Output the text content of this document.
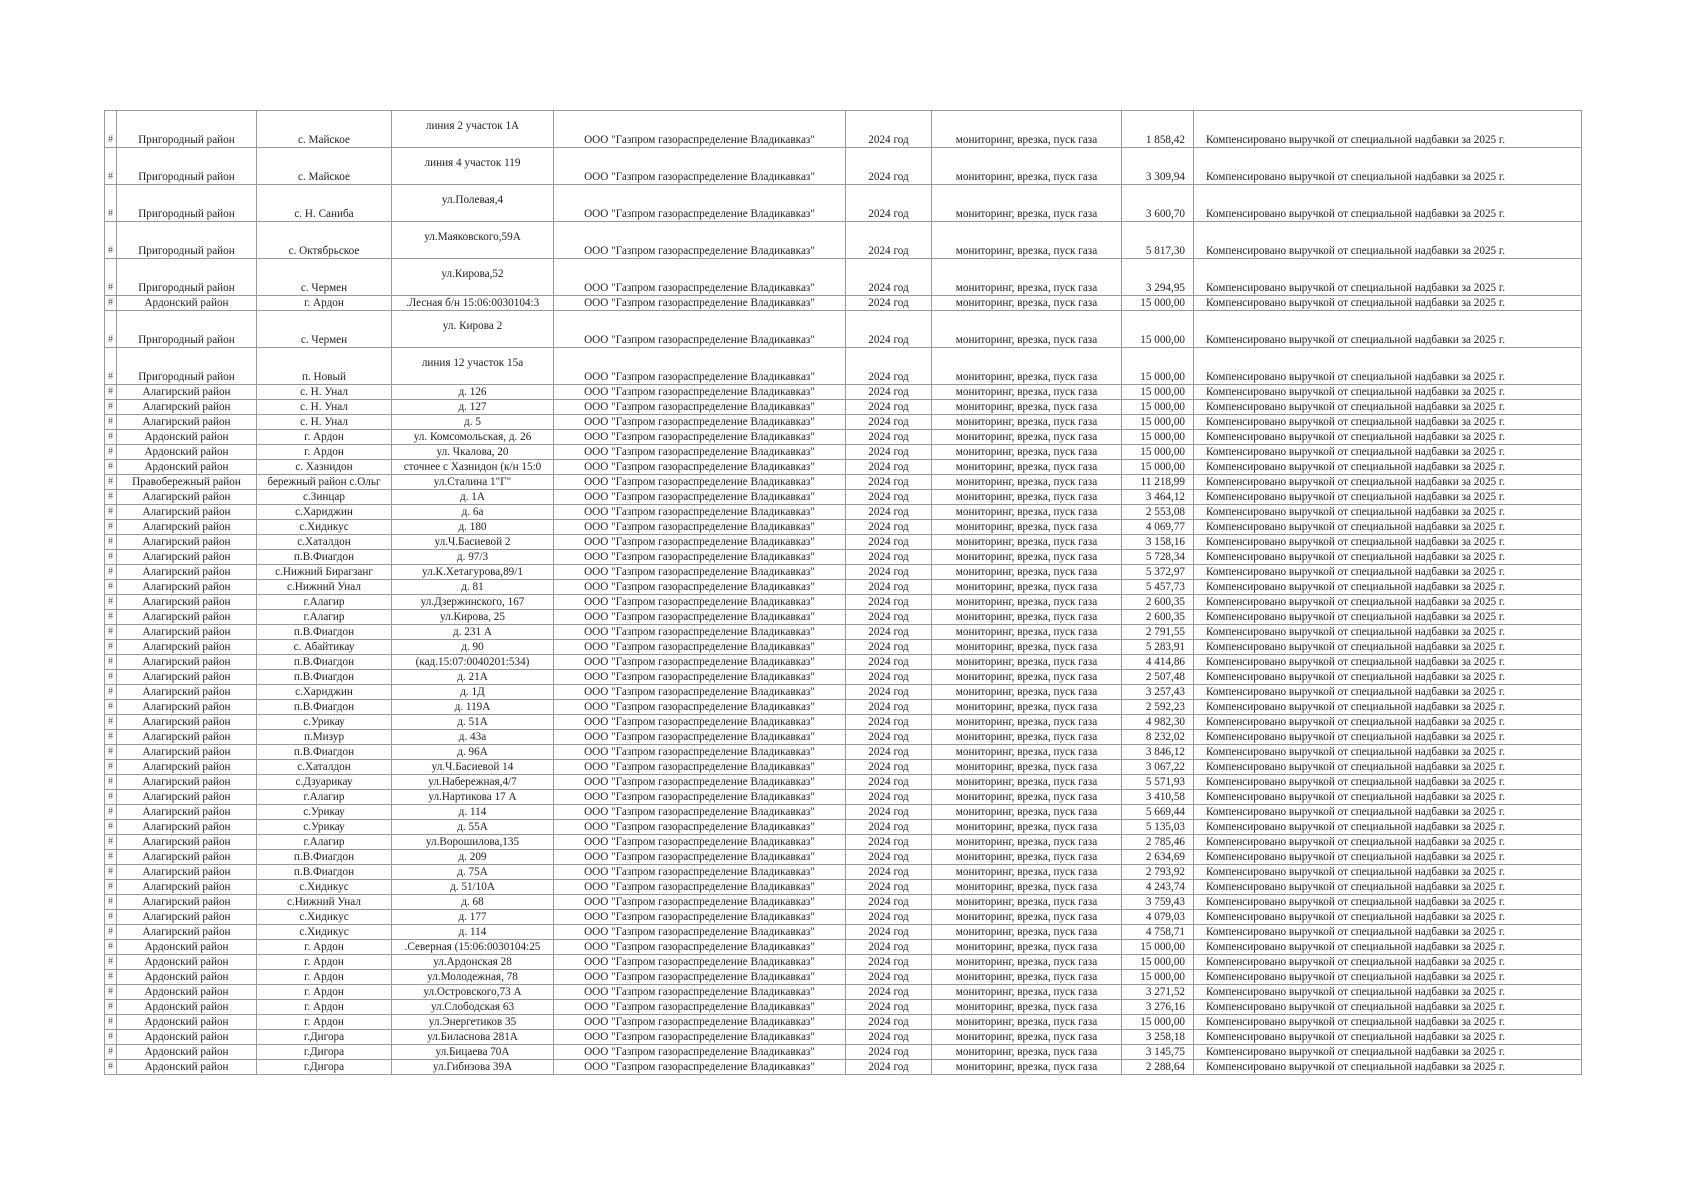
#	Пригородный район	с. Майское	линия 2 участок 1А	ООО "Газпром газораспределение Владикавказ"	2024 год	мониторинг, врезка, пуск газа	1 858,42	Компенсировано выручкой от специальной надбавки за 2025 г.
#	Пригородный район	с. Майское	линия 4 участок 119	ООО "Газпром газораспределение Владикавказ"	2024 год	мониторинг, врезка, пуск газа	3 309,94	Компенсировано выручкой от специальной надбавки за 2025 г.
#	Пригородный район	с. Н. Саниба	ул.Полевая,4	ООО "Газпром газораспределение Владикавказ"	2024 год	мониторинг, врезка, пуск газа	3 600,70	Компенсировано выручкой от специальной надбавки за 2025 г.
#	Пригородный район	с. Октябрьское	ул.Маяковского,59А	ООО "Газпром газораспределение Владикавказ"	2024 год	мониторинг, врезка, пуск газа	5 817,30	Компенсировано выручкой от специальной надбавки за 2025 г.
#	Пригородный район	с. Чермен	ул.Кирова,52	ООО "Газпром газораспределение Владикавказ"	2024 год	мониторинг, врезка, пуск газа	3 294,95	Компенсировано выручкой от специальной надбавки за 2025 г.
#	Ардонский район	г. Ардон	.Лесная б/н 15:06:0030104:3	ООО "Газпром газораспределение Владикавказ"	2024 год	мониторинг, врезка, пуск газа	15 000,00	Компенсировано выручкой от специальной надбавки за 2025 г.
#	Пригородный район	с. Чермен	ул. Кирова 2	ООО "Газпром газораспределение Владикавказ"	2024 год	мониторинг, врезка, пуск газа	15 000,00	Компенсировано выручкой от специальной надбавки за 2025 г.
#	Пригородный район	п. Новый	линия 12 участок 15а	ООО "Газпром газораспределение Владикавказ"	2024 год	мониторинг, врезка, пуск газа	15 000,00	Компенсировано выручкой от специальной надбавки за 2025 г.
#	Алагирский район	с. Н. Унал	д. 126	ООО "Газпром газораспределение Владикавказ"	2024 год	мониторинг, врезка, пуск газа	15 000,00	Компенсировано выручкой от специальной надбавки за 2025 г.
#	Алагирский район	с. Н. Унал	д. 127	ООО "Газпром газораспределение Владикавказ"	2024 год	мониторинг, врезка, пуск газа	15 000,00	Компенсировано выручкой от специальной надбавки за 2025 г.
#	Алагирский район	с. Н. Унал	д. 5	ООО "Газпром газораспределение Владикавказ"	2024 год	мониторинг, врезка, пуск газа	15 000,00	Компенсировано выручкой от специальной надбавки за 2025 г.
#	Ардонский район	г. Ардон	ул. Комсомольская, д. 26	ООО "Газпром газораспределение Владикавказ"	2024 год	мониторинг, врезка, пуск газа	15 000,00	Компенсировано выручкой от специальной надбавки за 2025 г.
#	Ардонский район	г. Ардон	ул. Чкалова, 20	ООО "Газпром газораспределение Владикавказ"	2024 год	мониторинг, врезка, пуск газа	15 000,00	Компенсировано выручкой от специальной надбавки за 2025 г.
#	Ардонский район	с. Хазнидон	сточнее с Хазнидон (к/н 15:0	ООО "Газпром газораспределение Владикавказ"	2024 год	мониторинг, врезка, пуск газа	15 000,00	Компенсировано выручкой от специальной надбавки за 2025 г.
#	Правобережный район	бережный район с.Ольг	ул.Сталина 1"Г"	ООО "Газпром газораспределение Владикавказ"	2024 год	мониторинг, врезка, пуск газа	11 218,99	Компенсировано выручкой от специальной надбавки за 2025 г.
#	Алагирский район	с.Зинцар	д. 1А	ООО "Газпром газораспределение Владикавказ"	2024 год	мониторинг, врезка, пуск газа	3 464,12	Компенсировано выручкой от специальной надбавки за 2025 г.
#	Алагирский район	с.Хариджин	д. 6а	ООО "Газпром газораспределение Владикавказ"	2024 год	мониторинг, врезка, пуск газа	2 553,08	Компенсировано выручкой от специальной надбавки за 2025 г.
#	Алагирский район	с.Хидикус	д. 180	ООО "Газпром газораспределение Владикавказ"	2024 год	мониторинг, врезка, пуск газа	4 069,77	Компенсировано выручкой от специальной надбавки за 2025 г.
#	Алагирский район	с.Хаталдон	ул.Ч.Басиевой 2	ООО "Газпром газораспределение Владикавказ"	2024 год	мониторинг, врезка, пуск газа	3 158,16	Компенсировано выручкой от специальной надбавки за 2025 г.
#	Алагирский район	п.В.Фиагдон	д. 97/3	ООО "Газпром газораспределение Владикавказ"	2024 год	мониторинг, врезка, пуск газа	5 728,34	Компенсировано выручкой от специальной надбавки за 2025 г.
#	Алагирский район	с.Нижний Бирагзанг	ул.К.Хетагурова,89/1	ООО "Газпром газораспределение Владикавказ"	2024 год	мониторинг, врезка, пуск газа	5 372,97	Компенсировано выручкой от специальной надбавки за 2025 г.
#	Алагирский район	с.Нижний Унал	д. 81	ООО "Газпром газораспределение Владикавказ"	2024 год	мониторинг, врезка, пуск газа	5 457,73	Компенсировано выручкой от специальной надбавки за 2025 г.
#	Алагирский район	г.Алагир	ул.Дзержинского, 167	ООО "Газпром газораспределение Владикавказ"	2024 год	мониторинг, врезка, пуск газа	2 600,35	Компенсировано выручкой от специальной надбавки за 2025 г.
#	Алагирский район	г.Алагир	ул.Кирова, 25	ООО "Газпром газораспределение Владикавказ"	2024 год	мониторинг, врезка, пуск газа	2 600,35	Компенсировано выручкой от специальной надбавки за 2025 г.
#	Алагирский район	п.В.Фиагдон	д. 231 А	ООО "Газпром газораспределение Владикавказ"	2024 год	мониторинг, врезка, пуск газа	2 791,55	Компенсировано выручкой от специальной надбавки за 2025 г.
#	Алагирский район	с. Абайтикау	д. 90	ООО "Газпром газораспределение Владикавказ"	2024 год	мониторинг, врезка, пуск газа	5 283,91	Компенсировано выручкой от специальной надбавки за 2025 г.
#	Алагирский район	п.В.Фиагдон	(кад.15:07:0040201:534)	ООО "Газпром газораспределение Владикавказ"	2024 год	мониторинг, врезка, пуск газа	4 414,86	Компенсировано выручкой от специальной надбавки за 2025 г.
#	Алагирский район	п.В.Фиагдон	д. 21А	ООО "Газпром газораспределение Владикавказ"	2024 год	мониторинг, врезка, пуск газа	2 507,48	Компенсировано выручкой от специальной надбавки за 2025 г.
#	Алагирский район	с.Хариджин	д. 1Д	ООО "Газпром газораспределение Владикавказ"	2024 год	мониторинг, врезка, пуск газа	3 257,43	Компенсировано выручкой от специальной надбавки за 2025 г.
#	Алагирский район	п.В.Фиагдон	д. 119А	ООО "Газпром газораспределение Владикавказ"	2024 год	мониторинг, врезка, пуск газа	2 592,23	Компенсировано выручкой от специальной надбавки за 2025 г.
#	Алагирский район	с.Урикау	д. 51А	ООО "Газпром газораспределение Владикавказ"	2024 год	мониторинг, врезка, пуск газа	4 982,30	Компенсировано выручкой от специальной надбавки за 2025 г.
#	Алагирский район	п.Мизур	д. 43а	ООО "Газпром газораспределение Владикавказ"	2024 год	мониторинг, врезка, пуск газа	8 232,02	Компенсировано выручкой от специальной надбавки за 2025 г.
#	Алагирский район	п.В.Фиагдон	д. 96А	ООО "Газпром газораспределение Владикавказ"	2024 год	мониторинг, врезка, пуск газа	3 846,12	Компенсировано выручкой от специальной надбавки за 2025 г.
#	Алагирский район	с.Хаталдон	ул.Ч.Басиевой 14	ООО "Газпром газораспределение Владикавказ"	2024 год	мониторинг, врезка, пуск газа	3 067,22	Компенсировано выручкой от специальной надбавки за 2025 г.
#	Алагирский район	с.Дзуарикау	ул.Набережная,4/7	ООО "Газпром газораспределение Владикавказ"	2024 год	мониторинг, врезка, пуск газа	5 571,93	Компенсировано выручкой от специальной надбавки за 2025 г.
#	Алагирский район	г.Алагир	ул.Нартикова 17 А	ООО "Газпром газораспределение Владикавказ"	2024 год	мониторинг, врезка, пуск газа	3 410,58	Компенсировано выручкой от специальной надбавки за 2025 г.
#	Алагирский район	с.Урикау	д. 114	ООО "Газпром газораспределение Владикавказ"	2024 год	мониторинг, врезка, пуск газа	5 669,44	Компенсировано выручкой от специальной надбавки за 2025 г.
#	Алагирский район	с.Урикау	д. 55А	ООО "Газпром газораспределение Владикавказ"	2024 год	мониторинг, врезка, пуск газа	5 135,03	Компенсировано выручкой от специальной надбавки за 2025 г.
#	Алагирский район	г.Алагир	ул.Ворошилова,135	ООО "Газпром газораспределение Владикавказ"	2024 год	мониторинг, врезка, пуск газа	2 785,46	Компенсировано выручкой от специальной надбавки за 2025 г.
#	Алагирский район	п.В.Фиагдон	д. 209	ООО "Газпром газораспределение Владикавказ"	2024 год	мониторинг, врезка, пуск газа	2 634,69	Компенсировано выручкой от специальной надбавки за 2025 г.
#	Алагирский район	п.В.Фиагдон	д. 75А	ООО "Газпром газораспределение Владикавказ"	2024 год	мониторинг, врезка, пуск газа	2 793,92	Компенсировано выручкой от специальной надбавки за 2025 г.
#	Алагирский район	с.Хидикус	д. 51/10А	ООО "Газпром газораспределение Владикавказ"	2024 год	мониторинг, врезка, пуск газа	4 243,74	Компенсировано выручкой от специальной надбавки за 2025 г.
#	Алагирский район	с.Нижний Унал	д. 68	ООО "Газпром газораспределение Владикавказ"	2024 год	мониторинг, врезка, пуск газа	3 759,43	Компенсировано выручкой от специальной надбавки за 2025 г.
#	Алагирский район	с.Хидикус	д. 177	ООО "Газпром газораспределение Владикавказ"	2024 год	мониторинг, врезка, пуск газа	4 079,03	Компенсировано выручкой от специальной надбавки за 2025 г.
#	Алагирский район	с.Хидикус	д. 114	ООО "Газпром газораспределение Владикавказ"	2024 год	мониторинг, врезка, пуск газа	4 758,71	Компенсировано выручкой от специальной надбавки за 2025 г.
#	Ардонский район	г. Ардон	.Северная (15:06:0030104:25	ООО "Газпром газораспределение Владикавказ"	2024 год	мониторинг, врезка, пуск газа	15 000,00	Компенсировано выручкой от специальной надбавки за 2025 г.
#	Ардонский район	г. Ардон	ул.Ардонская 28	ООО "Газпром газораспределение Владикавказ"	2024 год	мониторинг, врезка, пуск газа	15 000,00	Компенсировано выручкой от специальной надбавки за 2025 г.
#	Ардонский район	г. Ардон	ул.Молодежная, 78	ООО "Газпром газораспределение Владикавказ"	2024 год	мониторинг, врезка, пуск газа	15 000,00	Компенсировано выручкой от специальной надбавки за 2025 г.
#	Ардонский район	г. Ардон	ул.Островского,73 А	ООО "Газпром газораспределение Владикавказ"	2024 год	мониторинг, врезка, пуск газа	3 271,52	Компенсировано выручкой от специальной надбавки за 2025 г.
#	Ардонский район	г. Ардон	ул.Слободская 63	ООО "Газпром газораспределение Владикавказ"	2024 год	мониторинг, врезка, пуск газа	3 276,16	Компенсировано выручкой от специальной надбавки за 2025 г.
#	Ардонский район	г. Ардон	ул.Энергетиков 35	ООО "Газпром газораспределение Владикавказ"	2024 год	мониторинг, врезка, пуск газа	15 000,00	Компенсировано выручкой от специальной надбавки за 2025 г.
#	Ардонский район	г.Дигора	ул.Биласнова 281А	ООО "Газпром газораспределение Владикавказ"	2024 год	мониторинг, врезка, пуск газа	3 258,18	Компенсировано выручкой от специальной надбавки за 2025 г.
#	Ардонский район	г.Дигора	ул.Бицаева 70А	ООО "Газпром газораспределение Владикавказ"	2024 год	мониторинг, врезка, пуск газа	3 145,75	Компенсировано выручкой от специальной надбавки за 2025 г.
#	Ардонский район	г.Дигора	ул.Гибизова 39А	ООО "Газпром газораспределение Владикавказ"	2024 год	мониторинг, врезка, пуск газа	2 288,64	Компенсировано выручкой от специальной надбавки за 2025 г.
